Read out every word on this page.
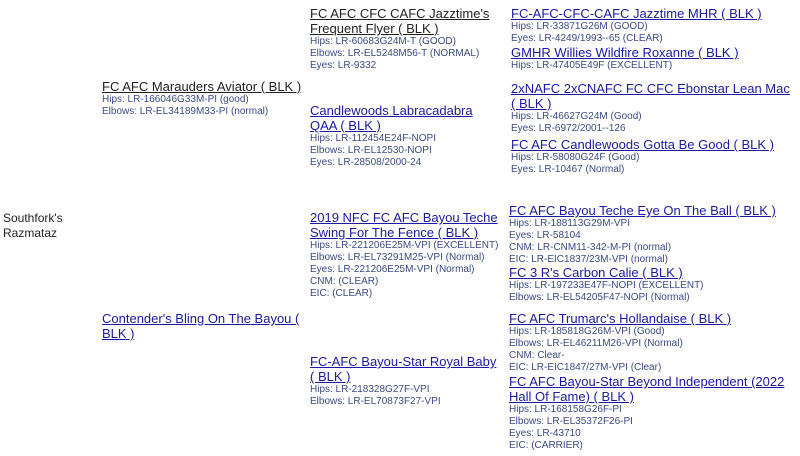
Southfork's Razmataz
FC AFC Marauders Aviator ( BLK )
Hips: LR-166046G33M-PI (good)
Elbows: LR-EL34189M33-PI (normal)
Contender's Bling On The Bayou ( BLK )
FC AFC CFC CAFC Jazztime's Frequent Flyer ( BLK )
Hips: LR-60683G24M-T (GOOD)
Elbows: LR-EL5248M56-T (NORMAL)
Eyes: LR-9332
Candlewoods Labracadabra QAA ( BLK )
Hips: LR-112454E24F-NOPI
Elbows: LR-EL12530-NOPI
Eyes: LR-28508/2000-24
2019 NFC FC AFC Bayou Teche Swing For The Fence ( BLK )
Hips: LR-221206E25M-VPI (EXCELLENT)
Elbows: LR-EL73291M25-VPI (Normal)
Eyes: LR-221206E25M-VPI (Normal)
CNM: (CLEAR)
EIC: (CLEAR)
FC-AFC Bayou-Star Royal Baby ( BLK )
Hips: LR-218328G27F-VPI
Elbows: LR-EL70873F27-VPI
FC-AFC-CFC-CAFC Jazztime MHR ( BLK )
Hips: LR-33871G26M (GOOD)
Eyes: LR-4249/1993--65 (CLEAR)
GMHR Willies Wildfire Roxanne ( BLK )
Hips: LR-47405E49F (EXCELLENT)
2xNAFC 2xCNAFC FC CFC Ebonstar Lean Mac ( BLK )
Hips: LR-46627G24M (Good)
Eyes: LR-6972/2001--126
FC AFC Candlewoods Gotta Be Good ( BLK )
Hips: LR-58080G24F (Good)
Eyes: LR-10467 (Normal)
FC AFC Bayou Teche Eye On The Ball ( BLK )
Hips: LR-188113G29M-VPI
Eyes: LR-58104
CNM: LR-CNM11-342-M-PI (normal)
EIC: LR-EIC1837/23M-VPI (normal)
FC 3 R's Carbon Calie ( BLK )
Hips: LR-197233E47F-NOPI (EXCELLENT)
Elbows: LR-EL54205F47-NOPI (Normal)
FC AFC Trumarc's Hollandaise ( BLK )
Hips: LR-185818G26M-VPI (Good)
Elbows: LR-EL46211M26-VPI (Normal)
CNM: Clear-
EIC: LR-EIC1847/27M-VPI (Clear)
FC AFC Bayou-Star Beyond Independent (2022 Hall Of Fame) ( BLK )
Hips: LR-168158G26F-PI
Elbows: LR-EL35372F26-PI
Eyes: LR-43710
EIC: (CARRIER)
